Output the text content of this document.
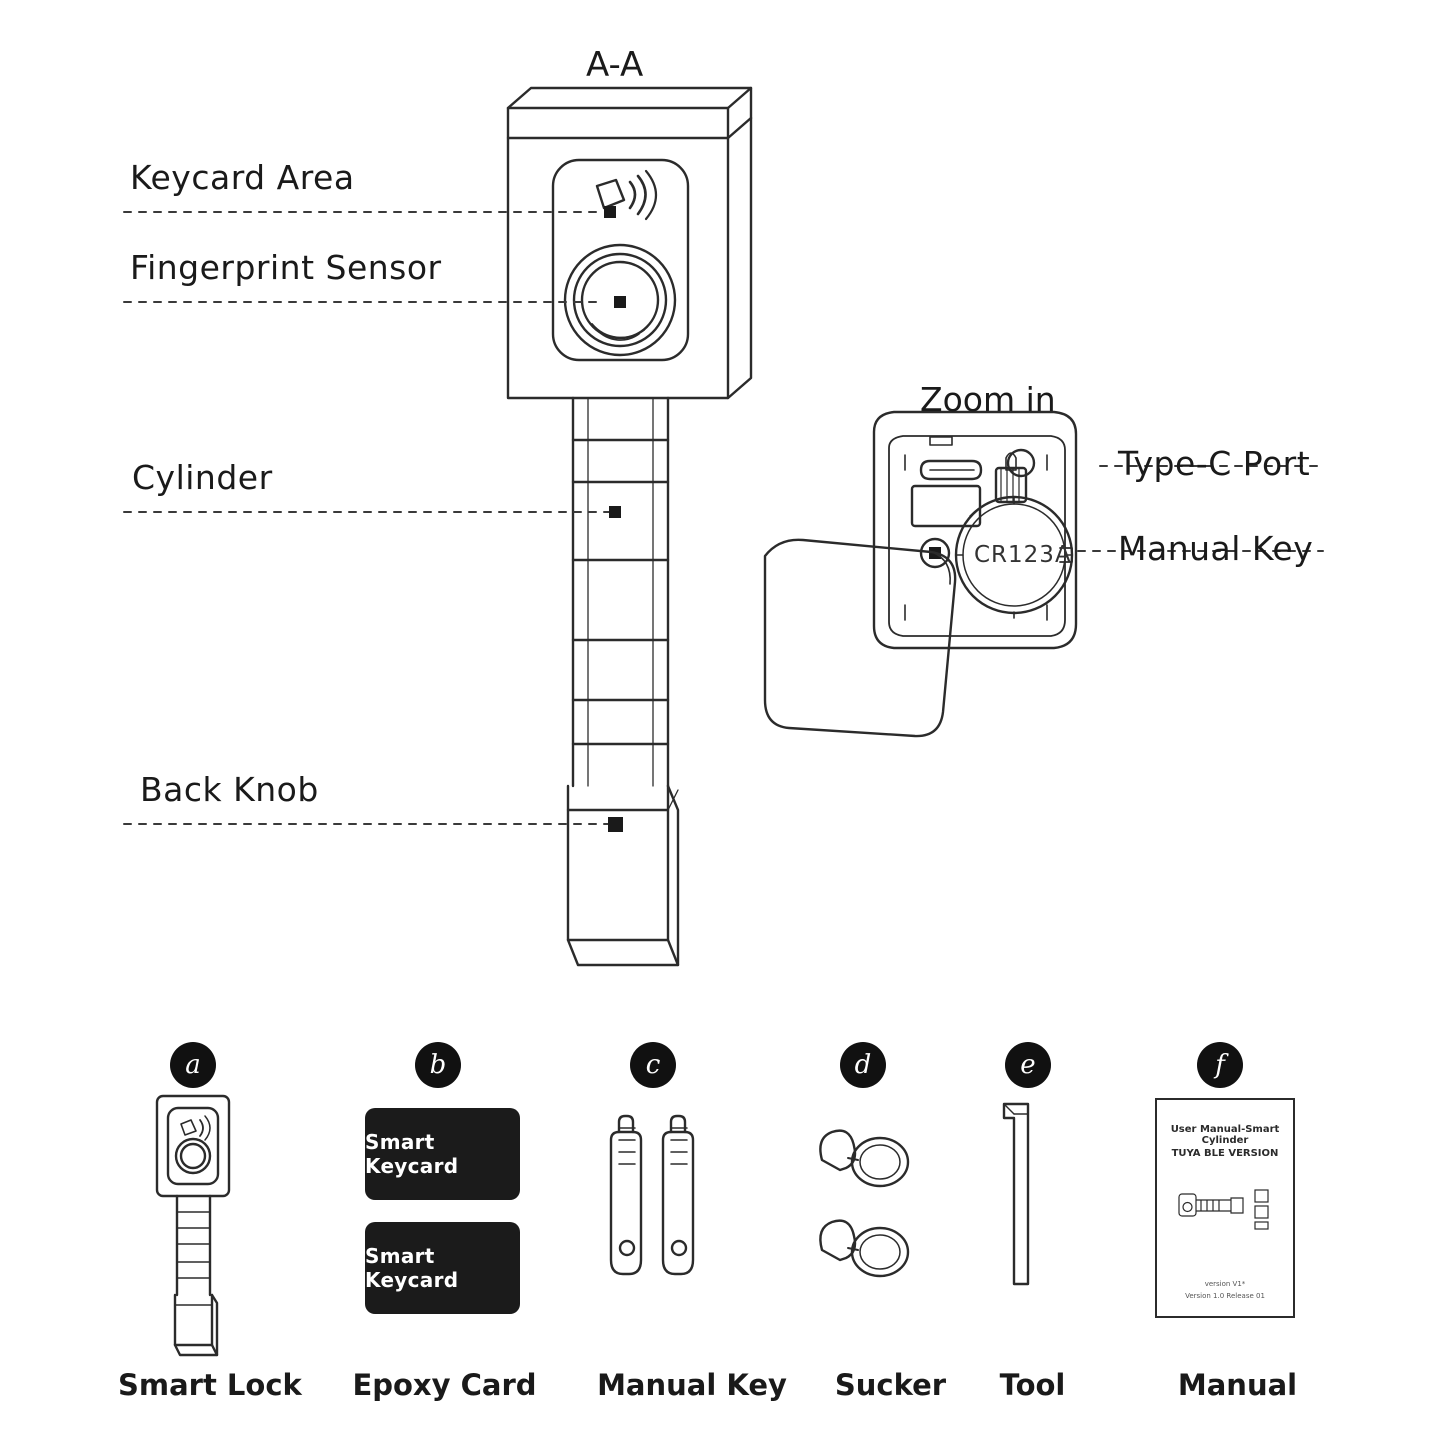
A-A
Keycard Area
Fingerprint Sensor
Cylinder
Back Knob
Zoom in
Type-C Port
Manual Key
CR123A
a	b	c	d	e	f
Smart Keycard
Smart Keycard
User Manual-Smart Cylinder
TUYA BLE VERSION
version V1*
Version 1.0 Release 01
Smart Lock Epoxy Card Manual Key Sucker	Tool	Manual
